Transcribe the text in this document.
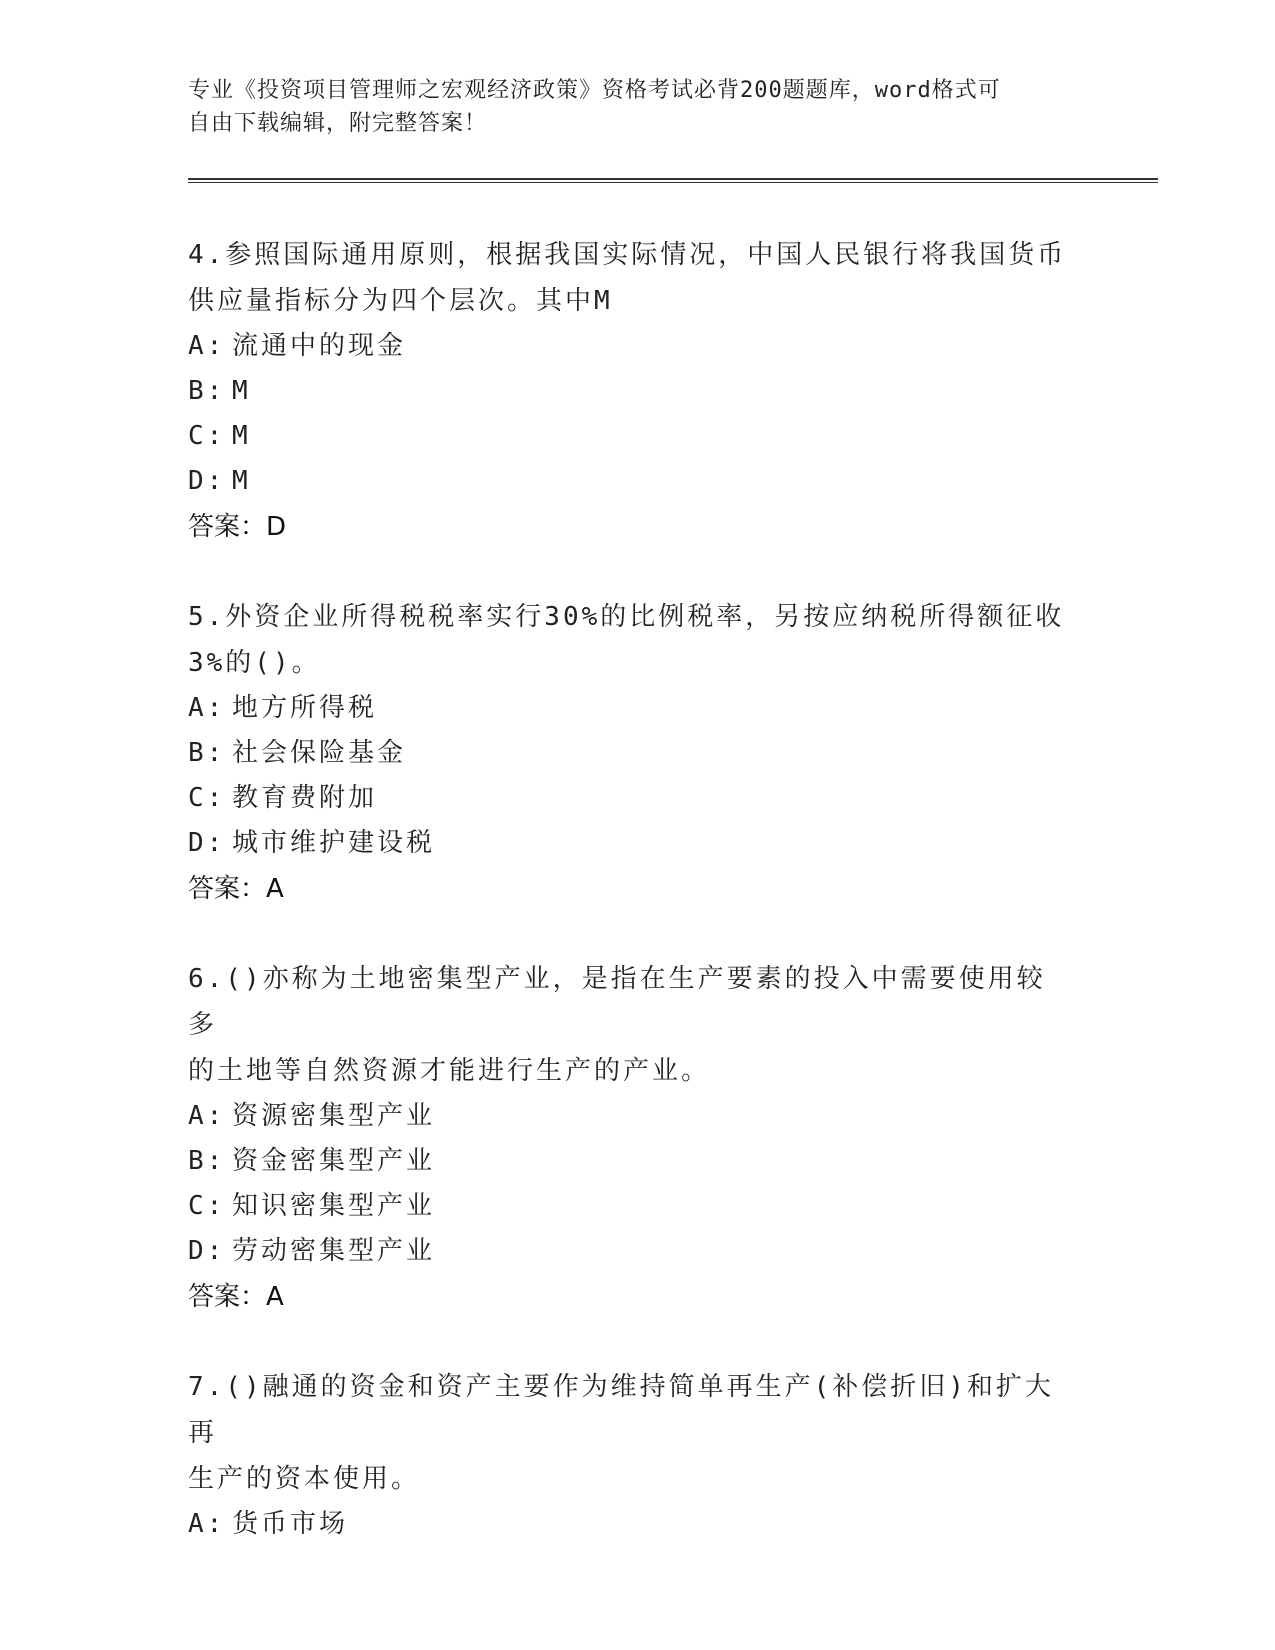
专业《投资项目管理师之宏观经济政策》资格考试必背200题题库，word格式可
自由下载编辑，附完整答案！
4.参照国际通用原则，根据我国实际情况，中国人民银行将我国货币
供应量指标分为四个层次。其中M
A: 流通中的现金
B: M
C: M
D: M
答案：D
5.外资企业所得税税率实行30%的比例税率，另按应纳税所得额征收
3%的()。
A: 地方所得税
B: 社会保险基金
C: 教育费附加
D: 城市维护建设税
答案：A
6.()亦称为土地密集型产业，是指在生产要素的投入中需要使用较多
的土地等自然资源才能进行生产的产业。
A: 资源密集型产业
B: 资金密集型产业
C: 知识密集型产业
D: 劳动密集型产业
答案：A
7.()融通的资金和资产主要作为维持简单再生产(补偿折旧)和扩大再
生产的资本使用。
A: 货币市场
